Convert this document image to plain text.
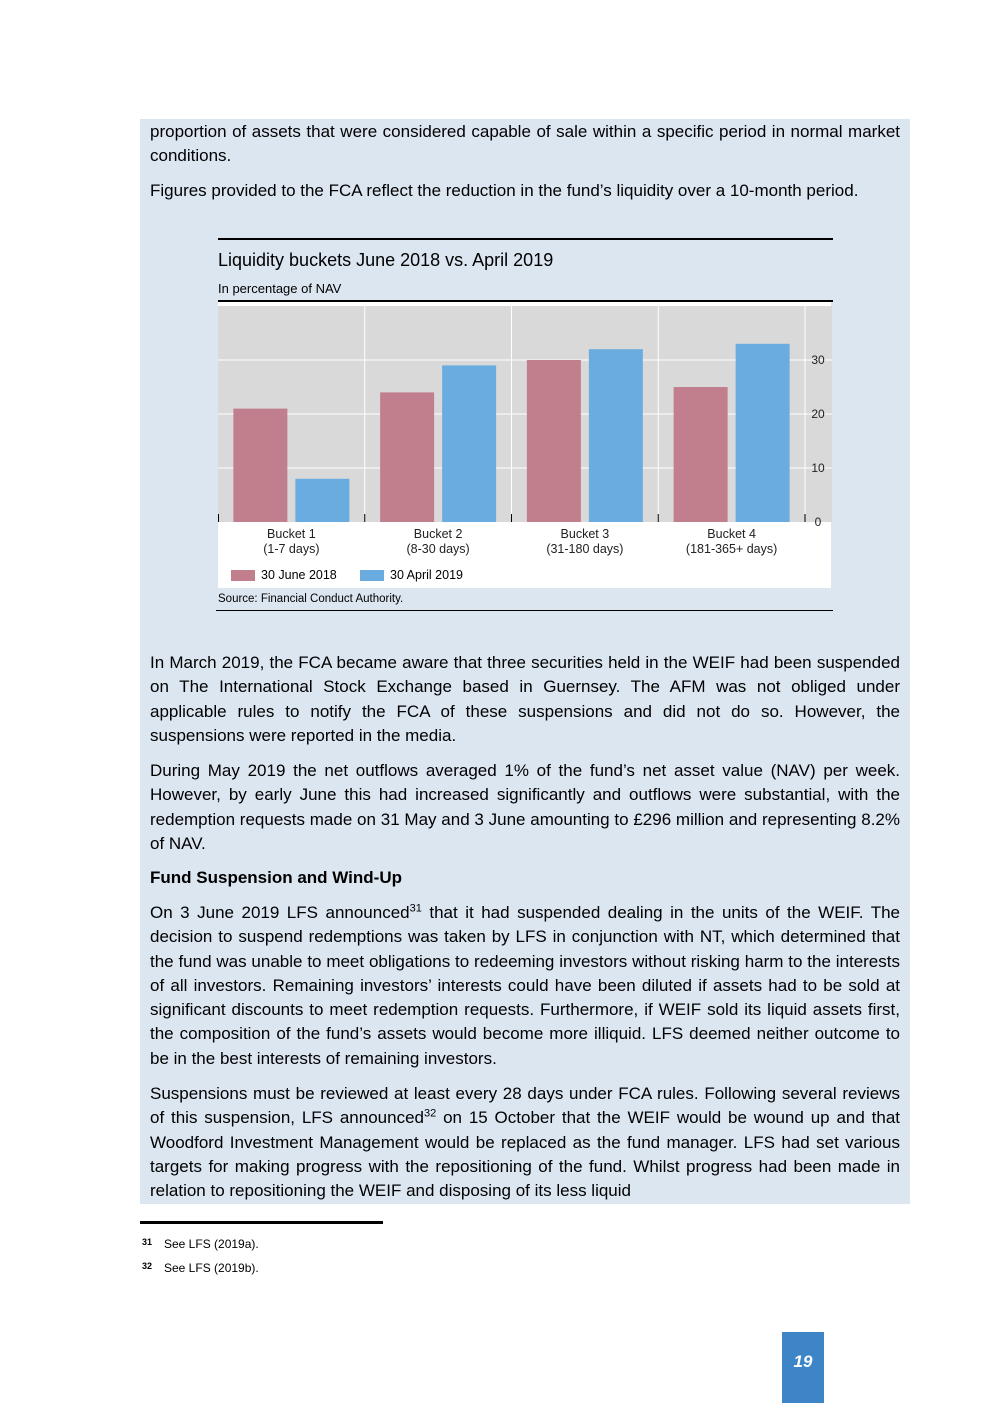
proportion of assets that were considered capable of sale within a specific period in normal market conditions.

Figures provided to the FCA reflect the reduction in the fund’s liquidity over a 10-month period.

Liquidity buckets June 2018 vs. April 2019
In percentage of NAV
0
10
20
30
Bucket 1
(1-7 days)
Bucket 2
(8-30 days)
Bucket 3
(31-180 days)
Bucket 4
(181-365+ days)
30 June 2018	30 April 2019
Source: Financial Conduct Authority.

In March 2019, the FCA became aware that three securities held in the WEIF had been suspended on The International Stock Exchange based in Guernsey. The AFM was not obliged under applicable rules to notify the FCA of these suspensions and did not do so. However, the suspensions were reported in the media.

During May 2019 the net outflows averaged 1% of the fund’s net asset value (NAV) per week. However, by early June this had increased significantly and outflows were substantial, with the redemption requests made on 31 May and 3 June amounting to £296 million and representing 8.2% of NAV.

Fund Suspension and Wind-Up

On 3 June 2019 LFS announced$^{31}$ that it had suspended dealing in the units of the WEIF. The decision to suspend redemptions was taken by LFS in conjunction with NT, which determined that the fund was unable to meet obligations to redeeming investors without risking harm to the interests of all investors. Remaining investors’ interests could have been diluted if assets had to be sold at significant discounts to meet redemption requests. Furthermore, if WEIF sold its liquid assets first, the composition of the fund’s assets would become more illiquid. LFS deemed neither outcome to be in the best interests of remaining investors.

Suspensions must be reviewed at least every 28 days under FCA rules. Following several reviews of this suspension, LFS announced$^{32}$ on 15 October that the WEIF would be wound up and that Woodford Investment Management would be replaced as the fund manager. LFS had set various targets for making progress with the repositioning of the fund. Whilst progress had been made in relation to repositioning the WEIF and disposing of its less liquid

31 See LFS (2019a).
32 See LFS (2019b).
19
